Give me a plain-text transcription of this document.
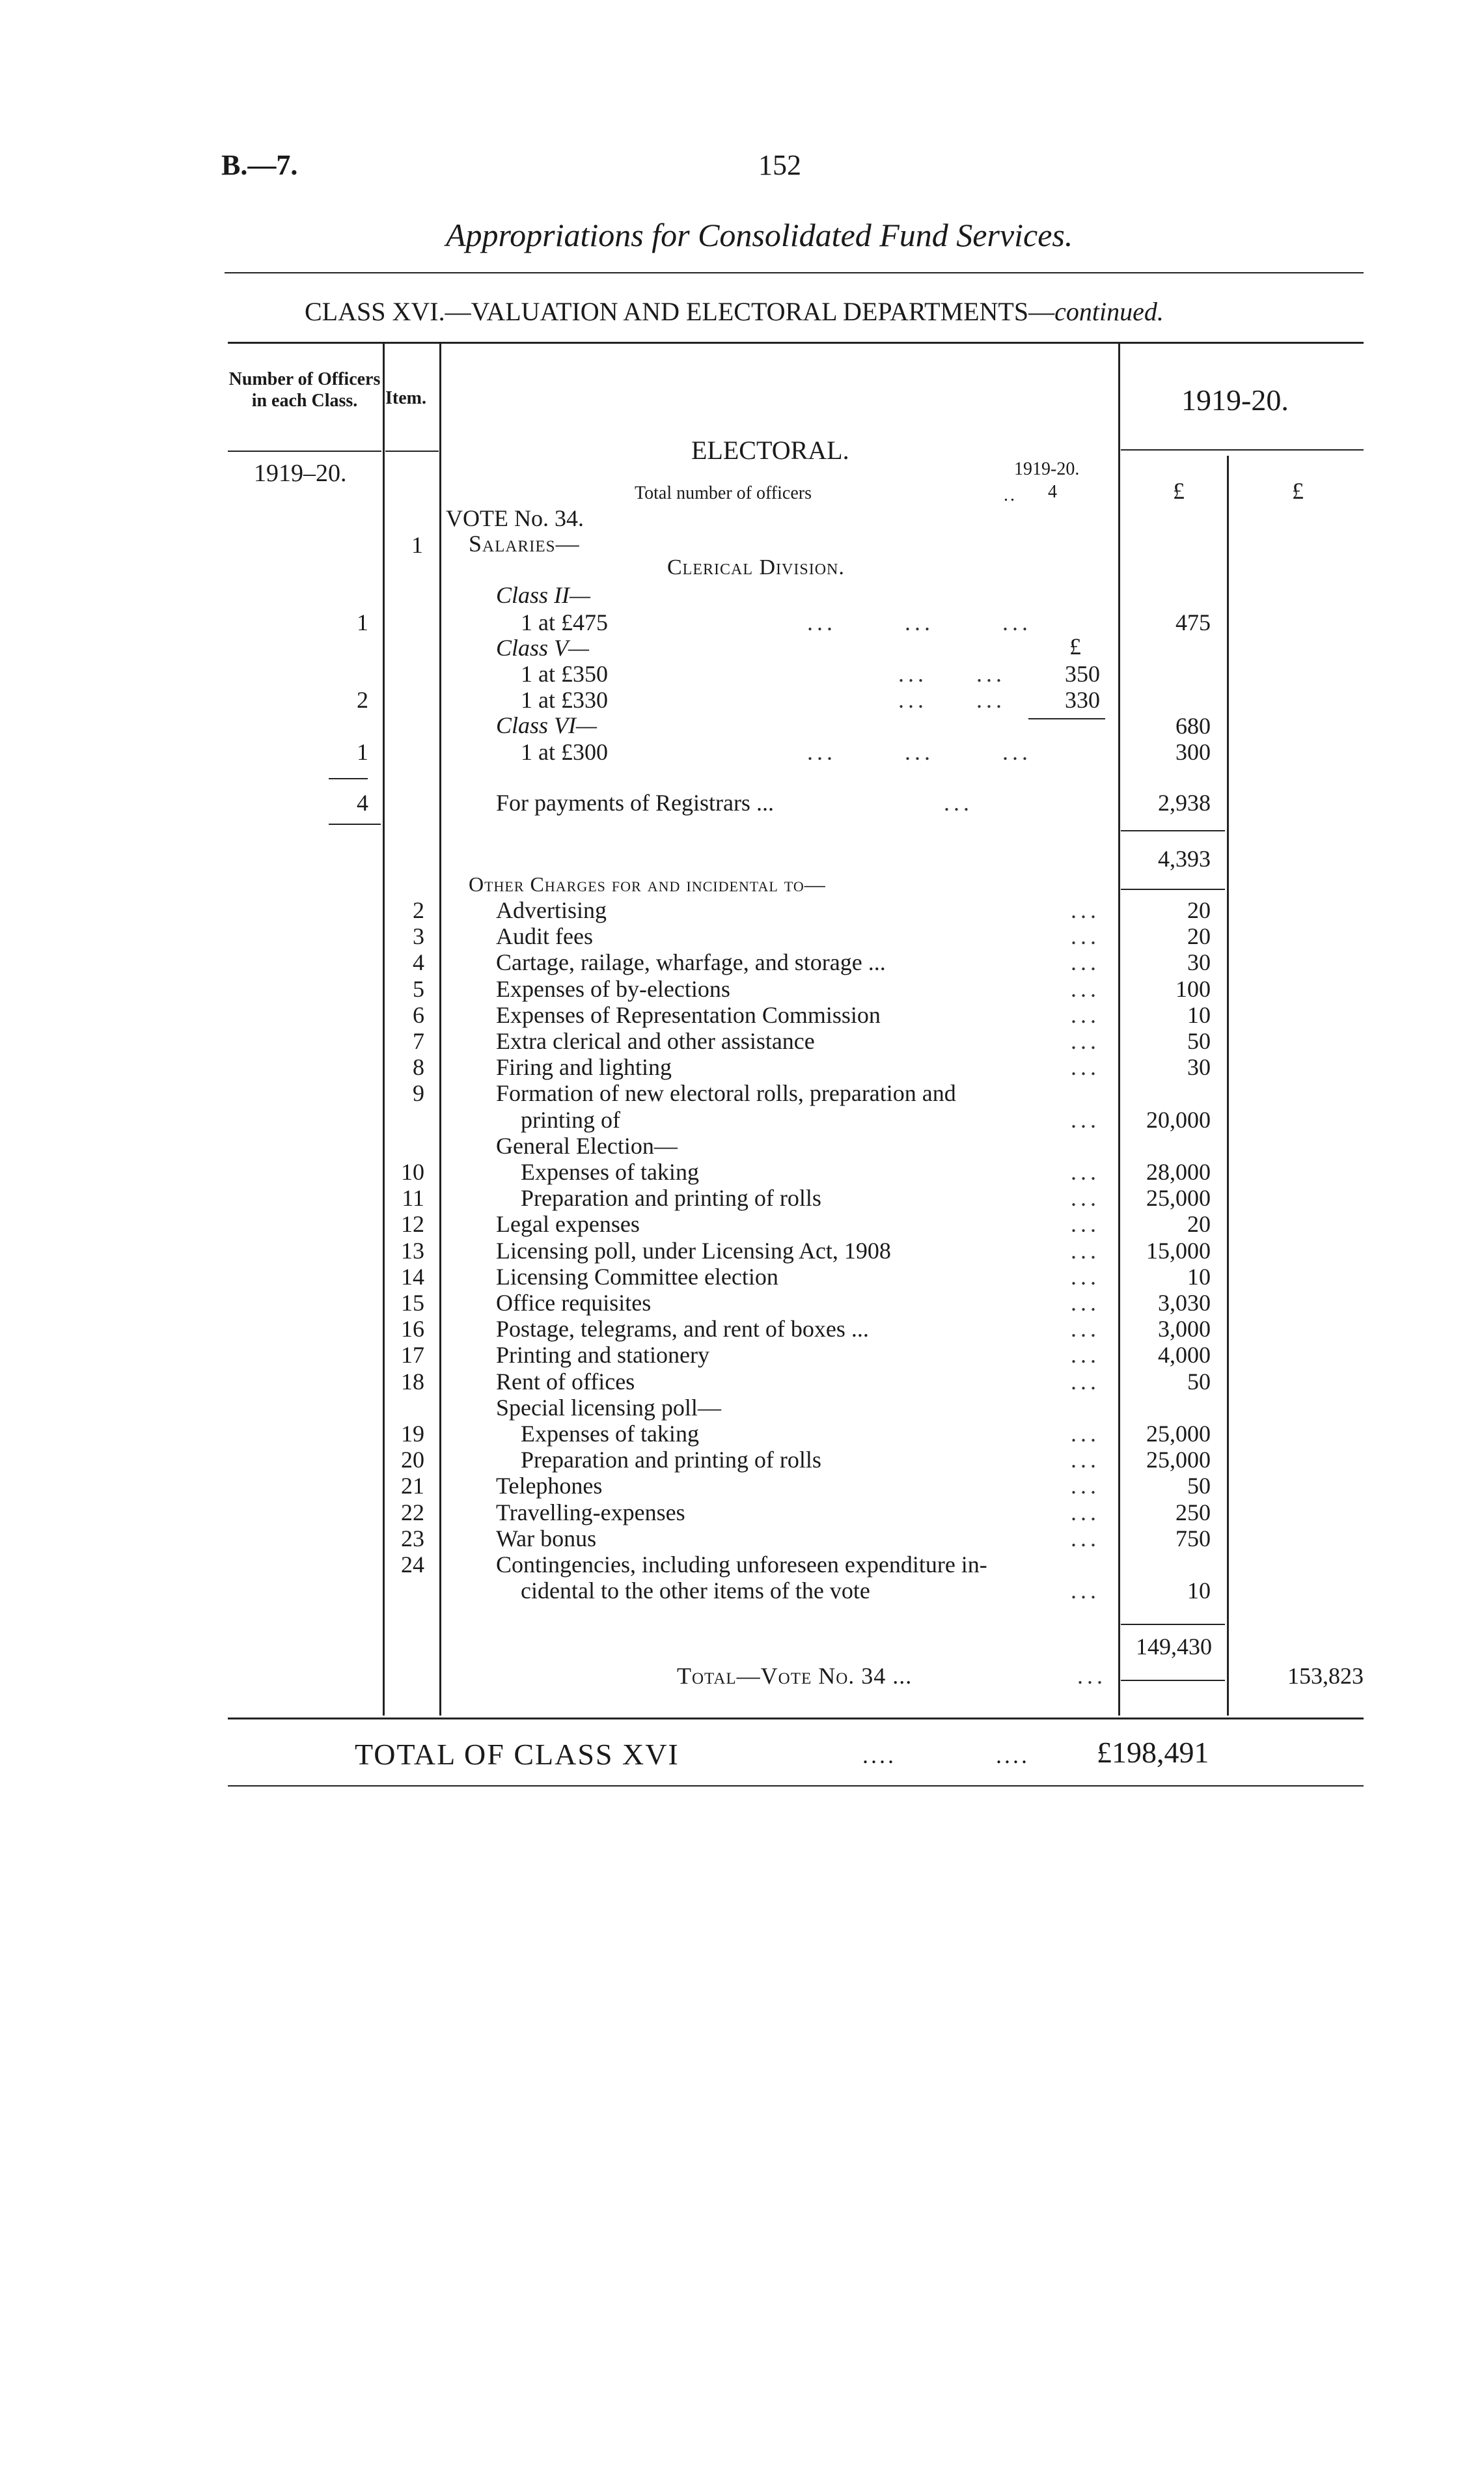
B.—7.	152
Appropriations for Consolidated Fund Services.
CLASS XVI.—VALUATION AND ELECTORAL DEPARTMENTS—continued.
Number of Officers in each Class.	Item.	1919-20.
1919–20.
ELECTORAL.
Total number of officers	..
1919-20.
4	£	£
VOTE No. 34.
1 Salaries—
Clerical Division.
Class II—
1	1 at £475	...       ...       ...	475
Class V—	£
1 at £350	...     ...	350
2	1 at £330	...     ...	330
Class VI—	680
1	1 at £300	...       ...       ...	300
4	For payments of Registrars ...	...	2,938
4,393
Other Charges for and incidental to—
2	Advertising	...	20
3	Audit fees	...	20
4	Cartage, railage, wharfage, and storage ...	...	30
5	Expenses of by-elections	...	100
6	Expenses of Representation Commission	...	10
7	Extra clerical and other assistance	...	50
8	Firing and lighting	...	30
9	Formation of new electoral rolls, preparation and
printing of	...	20,000
General Election—
10	Expenses of taking	...	28,000
11	Preparation and printing of rolls	...	25,000
12	Legal expenses	...	20
13	Licensing poll, under Licensing Act, 1908	...	15,000
14	Licensing Committee election	...	10
15	Office requisites	...	3,030
16	Postage, telegrams, and rent of boxes ...	...	3,000
17	Printing and stationery	...	4,000
18	Rent of offices	...	50
Special licensing poll—
19	Expenses of taking	...	25,000
20	Preparation and printing of rolls	...	25,000
21	Telephones	...	50
22	Travelling-expenses	...	250
23	War bonus	...	750
24	Contingencies, including unforeseen expenditure in-
cidental to the other items of the vote	...	10
149,430
Total—Vote No. 34 ...	...	153,823
TOTAL OF CLASS XVI	....	.... £198,491
